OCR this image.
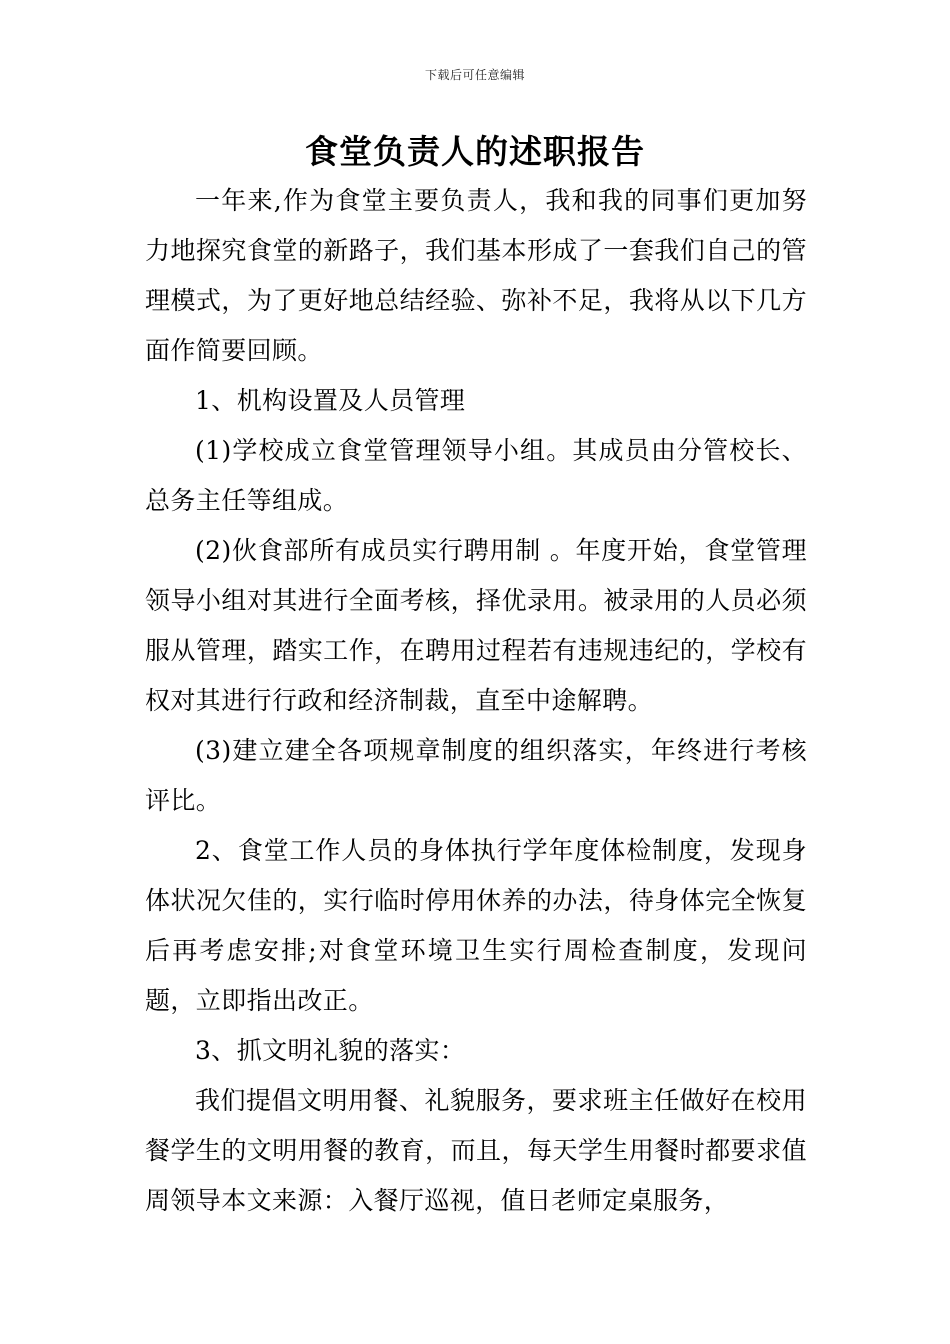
下载后可任意编辑
食堂负责人的述职报告

一年来,作为食堂主要负责人，我和我的同事们更加努力地探究食堂的新路子，我们基本形成了一套我们自己的管理模式，为了更好地总结经验、弥补不足，我将从以下几方面作简要回顾。

1、机构设置及人员管理

(1)学校成立食堂管理领导小组。其成员由分管校长、总务主任等组成。

(2)伙食部所有成员实行聘用制 。年度开始，食堂管理领导小组对其进行全面考核，择优录用。被录用的人员必须服从管理，踏实工作，在聘用过程若有违规违纪的，学校有权对其进行行政和经济制裁，直至中途解聘。

(3)建立建全各项规章制度的组织落实，年终进行考核评比。

2、食堂工作人员的身体执行学年度体检制度，发现身体状况欠佳的，实行临时停用休养的办法，待身体完全恢复后再考虑安排;对食堂环境卫生实行周检查制度，发现问题，立即指出改正。

3、抓文明礼貌的落实：

我们提倡文明用餐、礼貌服务，要求班主任做好在校用餐学生的文明用餐的教育，而且，每天学生用餐时都要求值周领导本文来源：入餐厅巡视，值日老师定桌服务，
